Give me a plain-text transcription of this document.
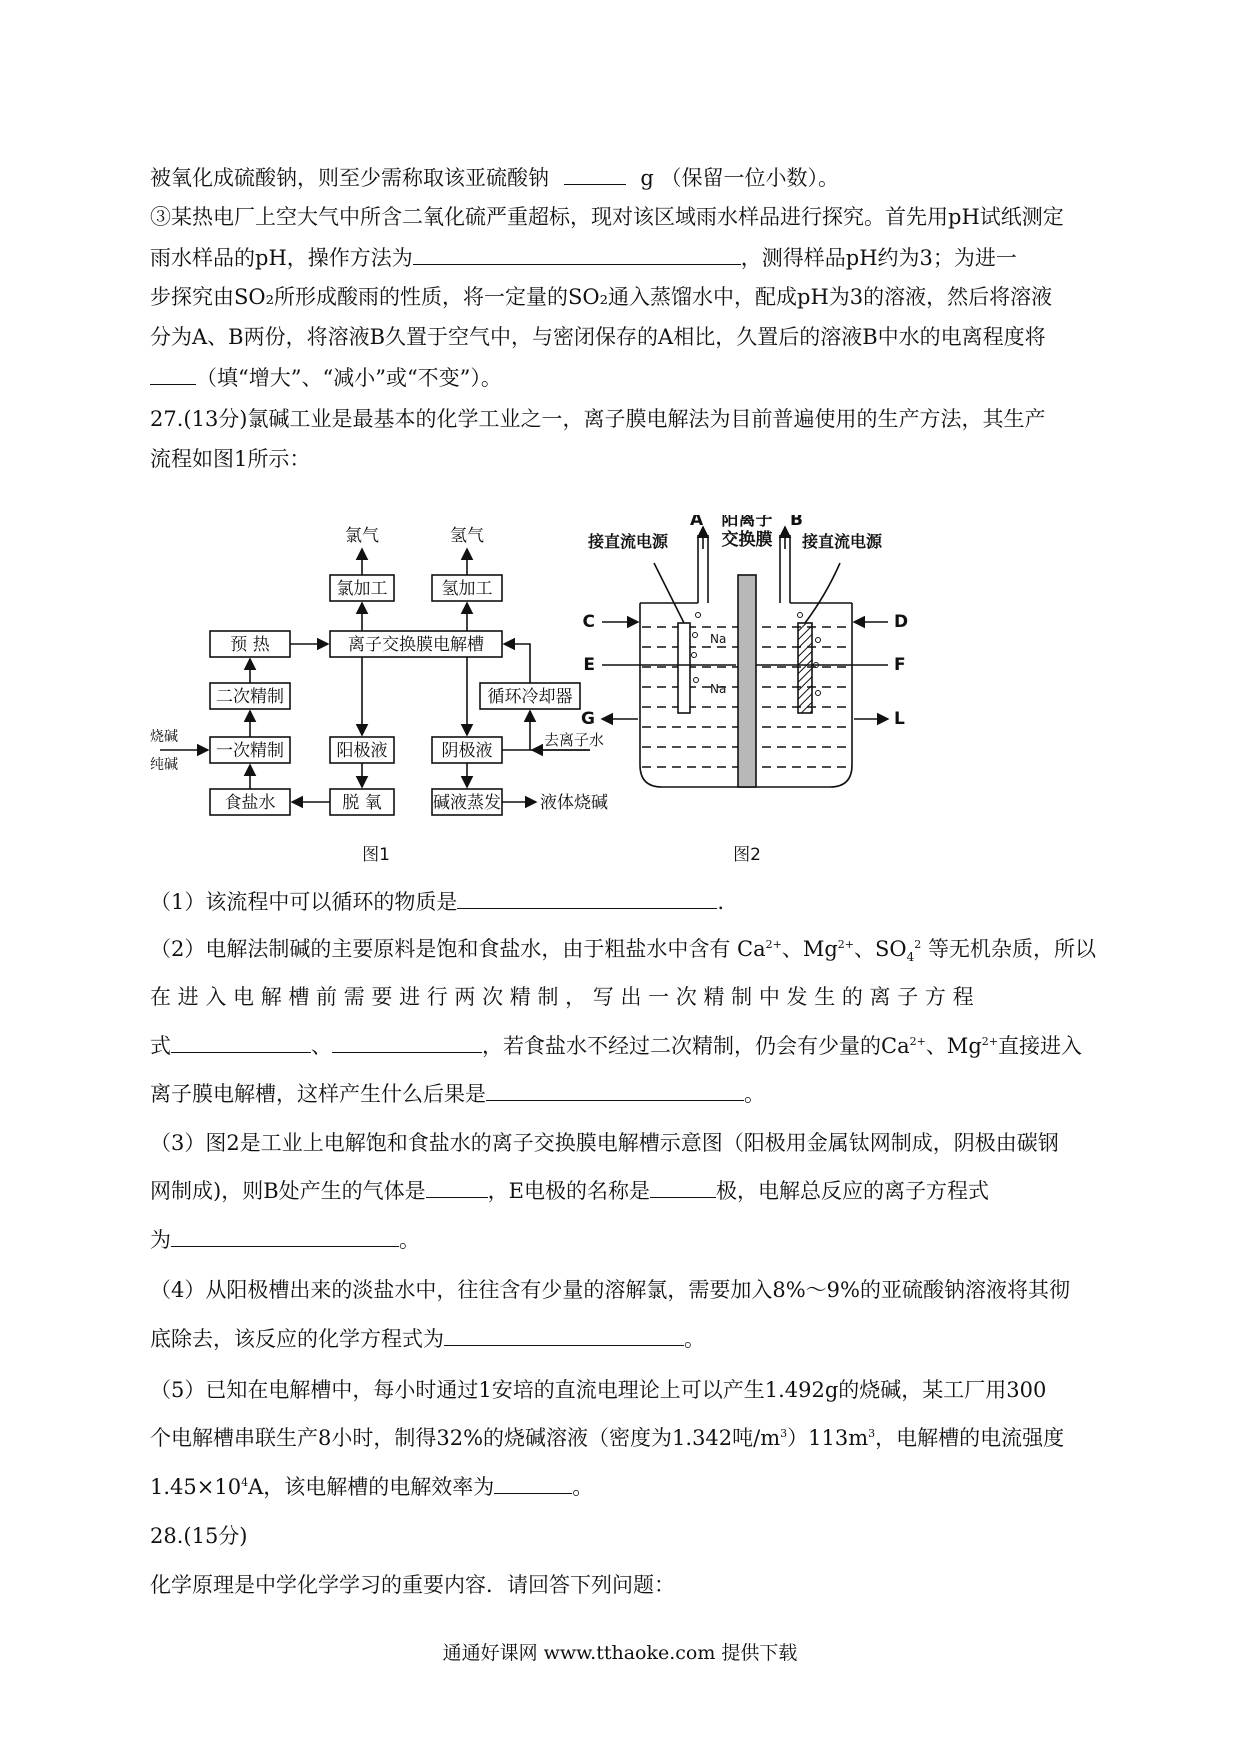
被氧化成硫酸钠，则至少需称取该亚硫酸钠	g （保留一位小数）。
③某热电厂上空大气中所含二氧化硫严重超标，现对该区域雨水样品进行探究。首先用pH试纸测定
雨水样品的pH，操作方法为	，测得样品pH约为3；为进一
步探究由SO₂所形成酸雨的性质，将一定量的SO₂通入蒸馏水中，配成pH为3的溶液，然后将溶液
分为A、B两份，将溶液B久置于空气中，与密闭保存的A相比，久置后的溶液B中水的电离程度将
（填“增大”、“减小”或“不变”）。
27.(13分)氯碱工业是最基本的化学工业之一，离子膜电解法为目前普遍使用的生产方法，其生产
流程如图1所示：
氯加工	氢加工
离子交换膜电解槽
预 热
二次精制
一次精制
食盐水
阳极液
脱 氧
阴极液
碱液蒸发
循环冷却器
氯气	氢气
烧碱
纯碱
去离子水
液体烧碱
图1
A	B
C	D
E	F
G	L
阳离子
交换膜
接直流电源	接直流电源
Na
Na
图2
（1）该流程中可以循环的物质是	.
（2）电解法制碱的主要原料是饱和食盐水，由于粗盐水中含有 $Ca^{2+}$、$Mg^{2+}$、$SO_4^2$ 等无机杂质，所以
在 进 入 电 解 槽 前 需 要 进 行 两 次 精 制 ， 写 出 一 次 精 制 中 发 生 的 离 子 方 程
式	、	，若食盐水不经过二次精制，仍会有少量的$Ca^{2+}$、$Mg^{2+}$直接进入
离子膜电解槽，这样产生什么后果是	。
（3）图2是工业上电解饱和食盐水的离子交换膜电解槽示意图（阳极用金属钛网制成，阴极由碳钢
网制成)，则B处产生的气体是	，E电极的名称是	极，电解总反应的离子方程式
为	。
（4）从阳极槽出来的淡盐水中，往往含有少量的溶解氯，需要加入8%～9%的亚硫酸钠溶液将其彻
底除去，该反应的化学方程式为	。
（5）已知在电解槽中，每小时通过1安培的直流电理论上可以产生1.492g的烧碱，某工厂用300
个电解槽串联生产8小时，制得32%的烧碱溶液（密度为1.342吨$/m^3)113m^3$，电解槽的电流强度
$1.45\times 10^4A$，该电解槽的电解效率为	。
28.(15分)
化学原理是中学化学学习的重要内容．请回答下列问题：
通通好课网 www.tthaoke.com 提供下载
